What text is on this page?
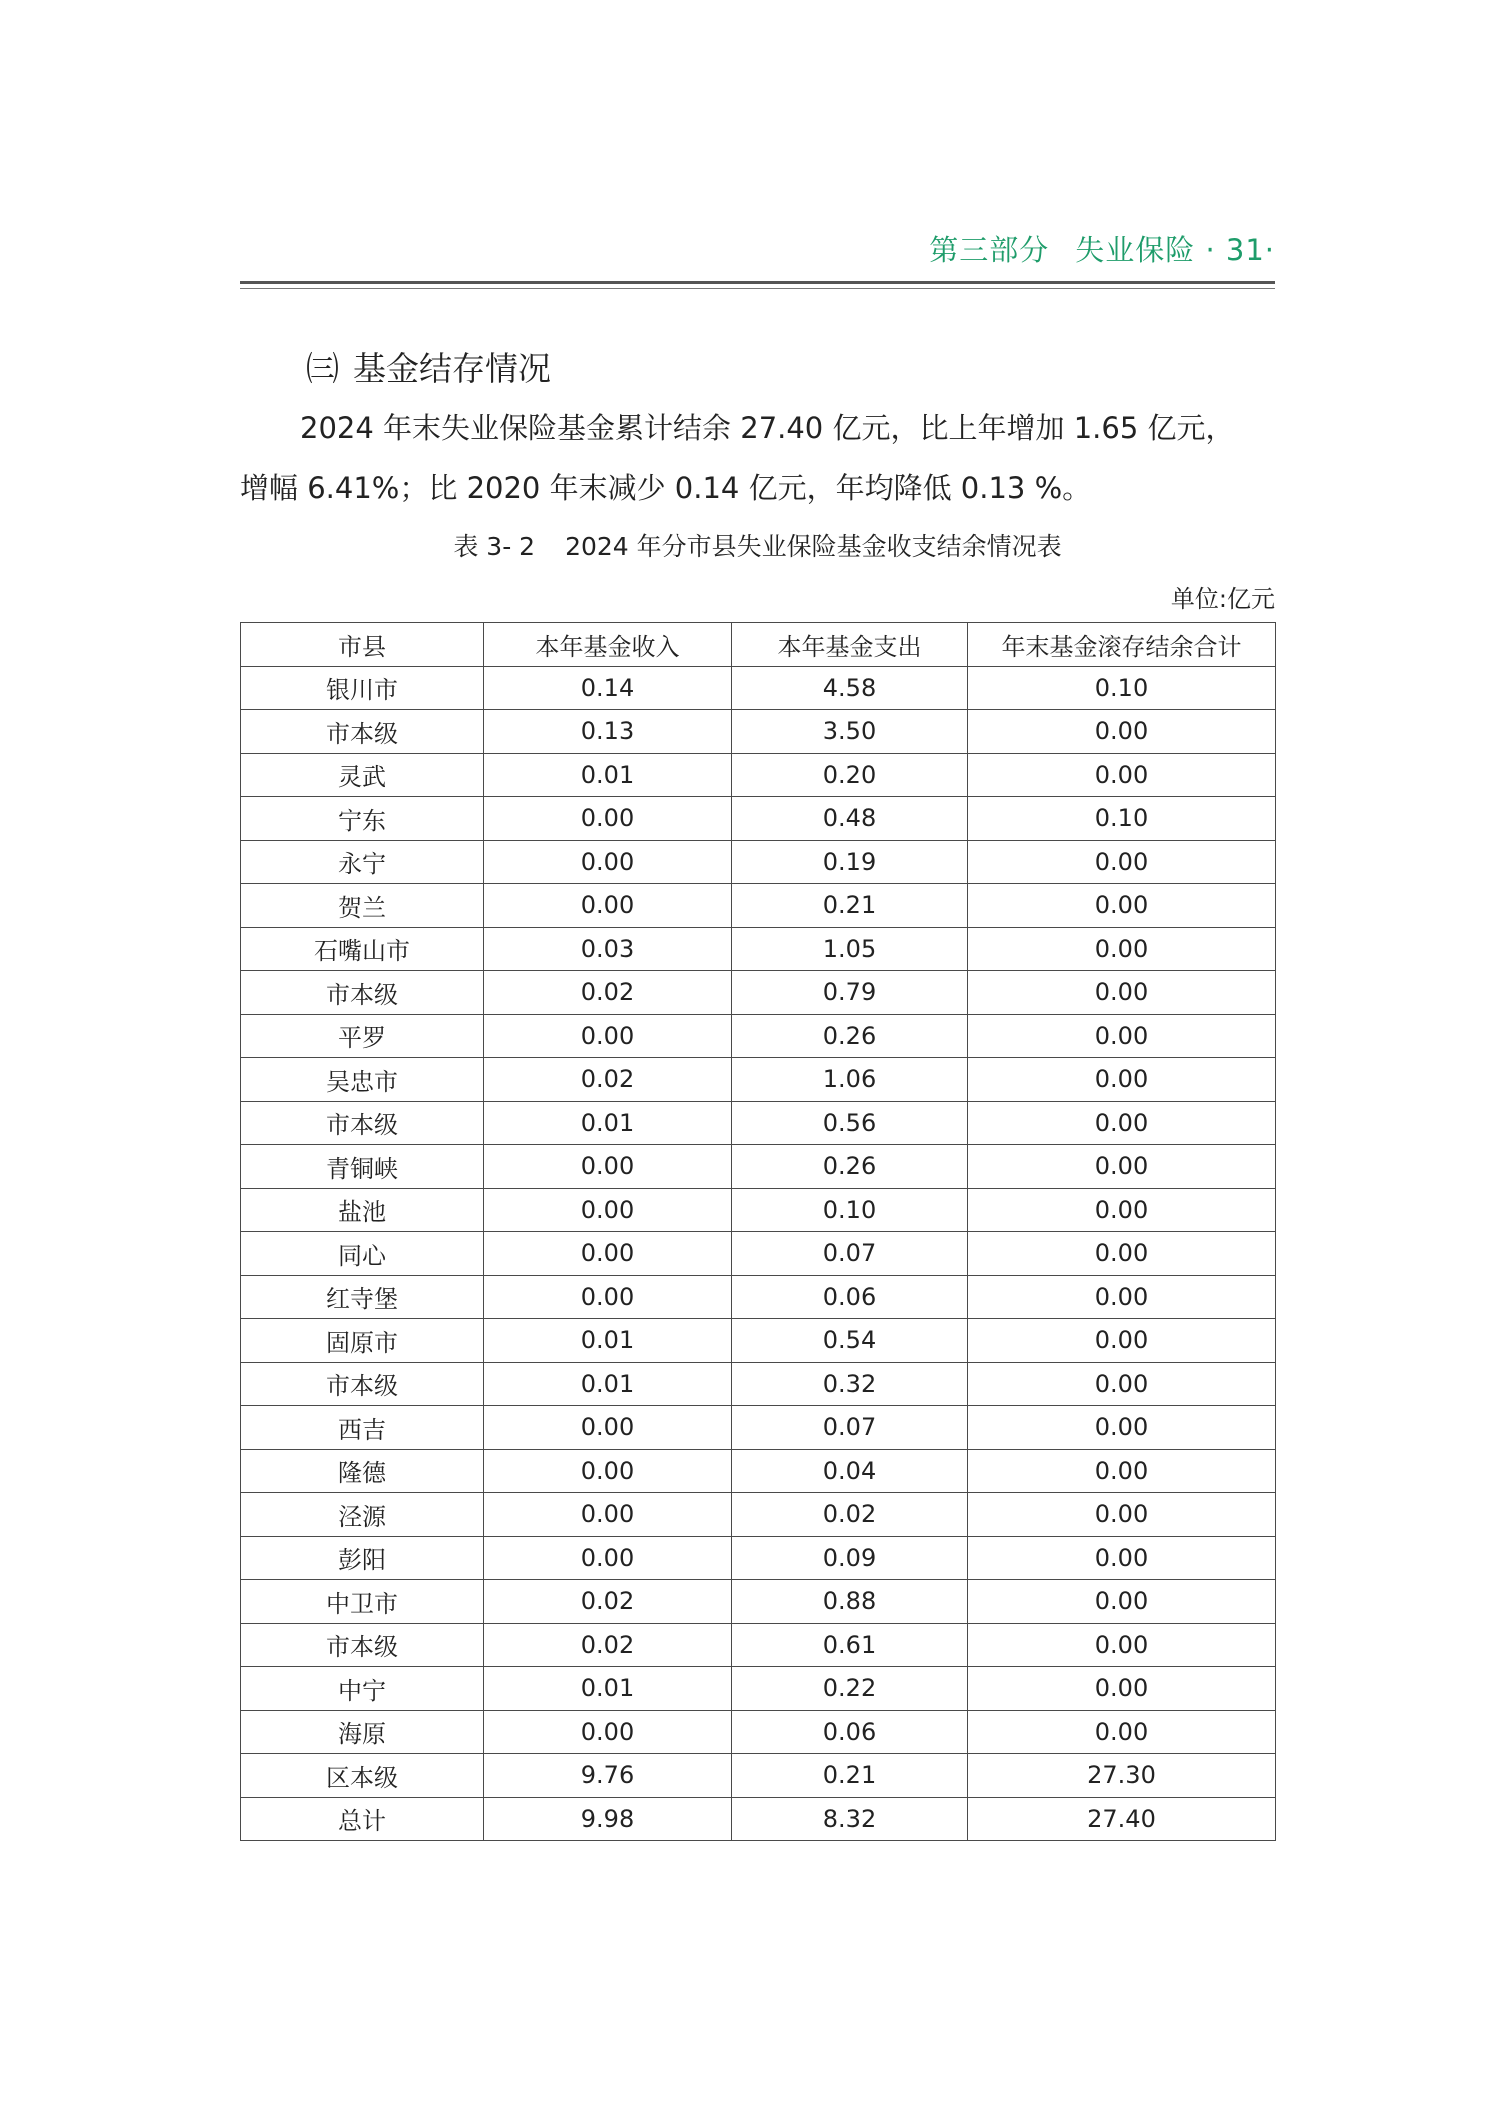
第三部分 失业保险 · 31·
㈢ 基金结存情况
2024 年末失业保险基金累计结余 27.40 亿元，比上年增加 1.65 亿元，
增幅 6.41%；比 2020 年末减少 0.14 亿元，年均降低 0.13 %。
表 3- 2 2024 年分市县失业保险基金收支结余情况表
单位:亿元
市县	本年基金收入	本年基金支出	年末基金滚存结余合计
银川市	0.14	4.58	0.10
市本级	0.13	3.50	0.00
灵武	0.01	0.20	0.00
宁东	0.00	0.48	0.10
永宁	0.00	0.19	0.00
贺兰	0.00	0.21	0.00
石嘴山市	0.03	1.05	0.00
市本级	0.02	0.79	0.00
平罗	0.00	0.26	0.00
吴忠市	0.02	1.06	0.00
市本级	0.01	0.56	0.00
青铜峡	0.00	0.26	0.00
盐池	0.00	0.10	0.00
同心	0.00	0.07	0.00
红寺堡	0.00	0.06	0.00
固原市	0.01	0.54	0.00
市本级	0.01	0.32	0.00
西吉	0.00	0.07	0.00
隆德	0.00	0.04	0.00
泾源	0.00	0.02	0.00
彭阳	0.00	0.09	0.00
中卫市	0.02	0.88	0.00
市本级	0.02	0.61	0.00
中宁	0.01	0.22	0.00
海原	0.00	0.06	0.00
区本级	9.76	0.21	27.30
总计	9.98	8.32	27.40
